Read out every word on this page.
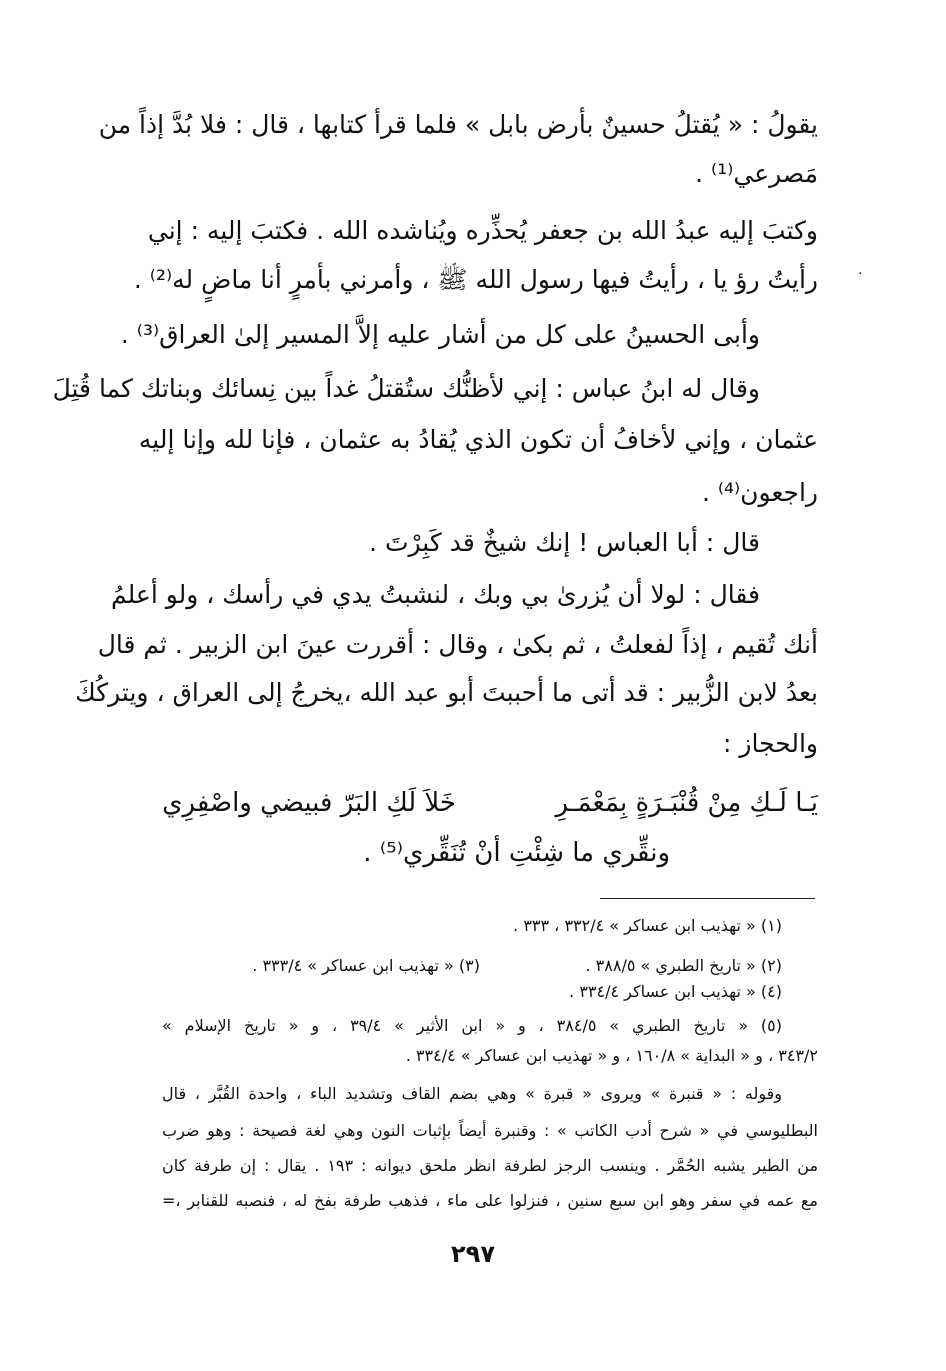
يقولُ : « يُقتلُ حسينٌ بأرض بابل » فلما قرأ كتابها ، قال : فلا بُدَّ إذاً من
مَصرعي⁽¹⁾ .
وكتبَ إليه عبدُ الله بن جعفر يُحذِّره ويُناشده الله . فكتبَ إليه : إني
رأيتُ رؤ يا ، رأيتُ فيها رسول الله ﷺ ، وأمرني بأمرٍ أنا ماضٍ له⁽²⁾ .
وأبى الحسينُ على كل من أشار عليه إلاَّ المسير إلىٰ العراق⁽³⁾ .
وقال له ابنُ عباس : إني لأظنُّك ستُقتلُ غداً بين نِسائك وبناتك كما قُتِلَ
عثمان ، وإني لأخافُ أن تكون الذي يُقادُ به عثمان ، فإنا لله وإنا إليه
راجعون⁽⁴⁾ .
قال : أبا العباس ! إنك شيخٌ قد كَبِرْتَ .
فقال : لولا أن يُزرىٰ بي وبك ، لنشبتُ يدي في رأسك ، ولو أعلمُ
أنك تُقيم ، إذاً لفعلتُ ، ثم بكىٰ ، وقال : أقررت عينَ ابن الزبير . ثم قال
بعدُ لابن الزُّبير : قد أتى ما أحببتَ أبو عبد الله ،يخرجُ إلى العراق ، ويتركُكَ
والحجاز :
يَـا لَـكِ مِنْ قُنْبَـرَةٍ بِمَعْمَـرِ
خَلاَ لَكِ البَرّ فبيضي واصْفِرِي
ونقِّري ما شِئْتِ أنْ تُنَقِّري⁽⁵⁾ .
(١) « تهذيب ابن عساكر » ٣٣٢/٤ ، ٣٣٣ .
(٢) « تاريخ الطبري » ٣٨٨/٥ .
(٣) « تهذيب ابن عساكر » ٣٣٣/٤ .
(٤) « تهذيب ابن عساكر ٣٣٤/٤ .
(٥) « تاريخ الطبري » ٣٨٤/٥ ، و « ابن الأثير » ٣٩/٤ ، و « تاريخ الإسلام »
٣٤٣/٢ ، و « البداية » ١٦٠/٨ ، و « تهذيب ابن عساكر » ٣٣٤/٤ .
وقوله : « قنبرة » ويروى « قبرة » وهي بضم القاف وتشديد الباء ، واحدة القُبَّر ، قال
البطليوسي في « شرح أدب الكاتب » : وقنبرة أيضاً بإثبات النون وهي لغة فصيحة : وهو ضرب
من الطير يشبه الحُمَّر . وينسب الرجز لطرفة انظر ملحق ديوانه : ١٩٣ . يقال : إن طرفة كان
مع عمه في سفر وهو ابن سبع سنين ، فنزلوا على ماء ، فذهب طرفة بفخ له ، فنصبه للقنابر ،=
٢٩٧
·
